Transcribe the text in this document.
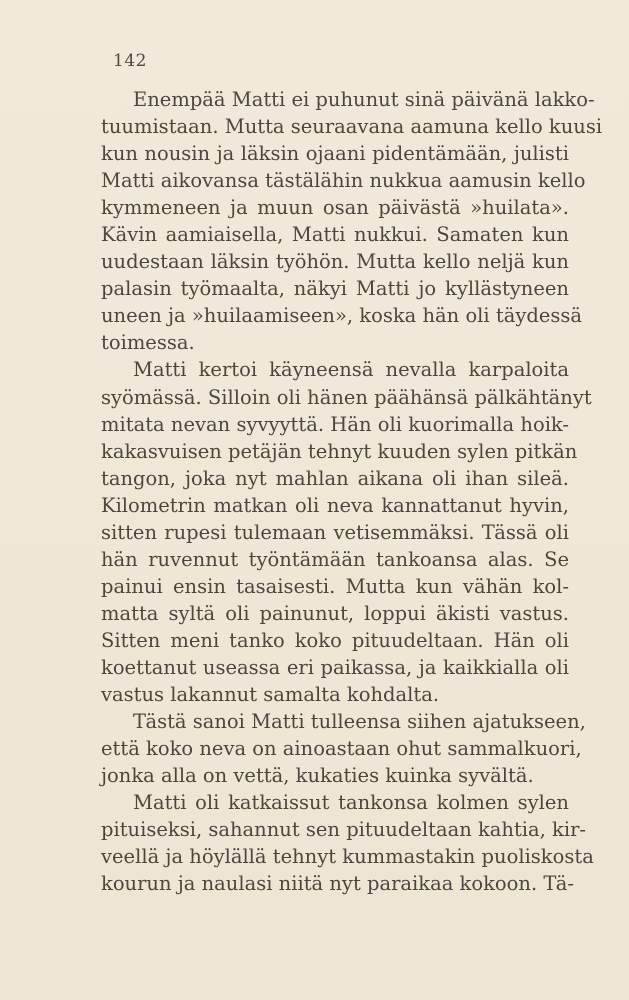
142
Enempää Matti ei puhunut sinä päivänä lakko-
tuumistaan. Mutta seuraavana aamuna kello kuusi
kun nousin ja läksin ojaani pidentämään, julisti
Matti aikovansa tästälähin nukkua aamusin kello
kymmeneen ja muun osan päivästä »huilata».
Kävin aamiaisella, Matti nukkui. Samaten kun
uudestaan läksin työhön. Mutta kello neljä kun
palasin työmaalta, näkyi Matti jo kyllästyneen
uneen ja »huilaamiseen», koska hän oli täydessä
toimessa.
Matti kertoi käyneensä nevalla karpaloita
syömässä. Silloin oli hänen päähänsä pälkähtänyt
mitata nevan syvyyttä. Hän oli kuorimalla hoik-
kakasvuisen petäjän tehnyt kuuden sylen pitkän
tangon, joka nyt mahlan aikana oli ihan sileä.
Kilometrin matkan oli neva kannattanut hyvin,
sitten rupesi tulemaan vetisemmäksi. Tässä oli
hän ruvennut työntämään tankoansa alas. Se
painui ensin tasaisesti. Mutta kun vähän kol-
matta syltä oli painunut, loppui äkisti vastus.
Sitten meni tanko koko pituudeltaan. Hän oli
koettanut useassa eri paikassa, ja kaikkialla oli
vastus lakannut samalta kohdalta.
Tästä sanoi Matti tulleensa siihen ajatukseen,
että koko neva on ainoastaan ohut sammalkuori,
jonka alla on vettä, kukaties kuinka syvältä.
Matti oli katkaissut tankonsa kolmen sylen
pituiseksi, sahannut sen pituudeltaan kahtia, kir-
veellä ja höylällä tehnyt kummastakin puoliskosta
kourun ja naulasi niitä nyt paraikaa kokoon. Tä-
